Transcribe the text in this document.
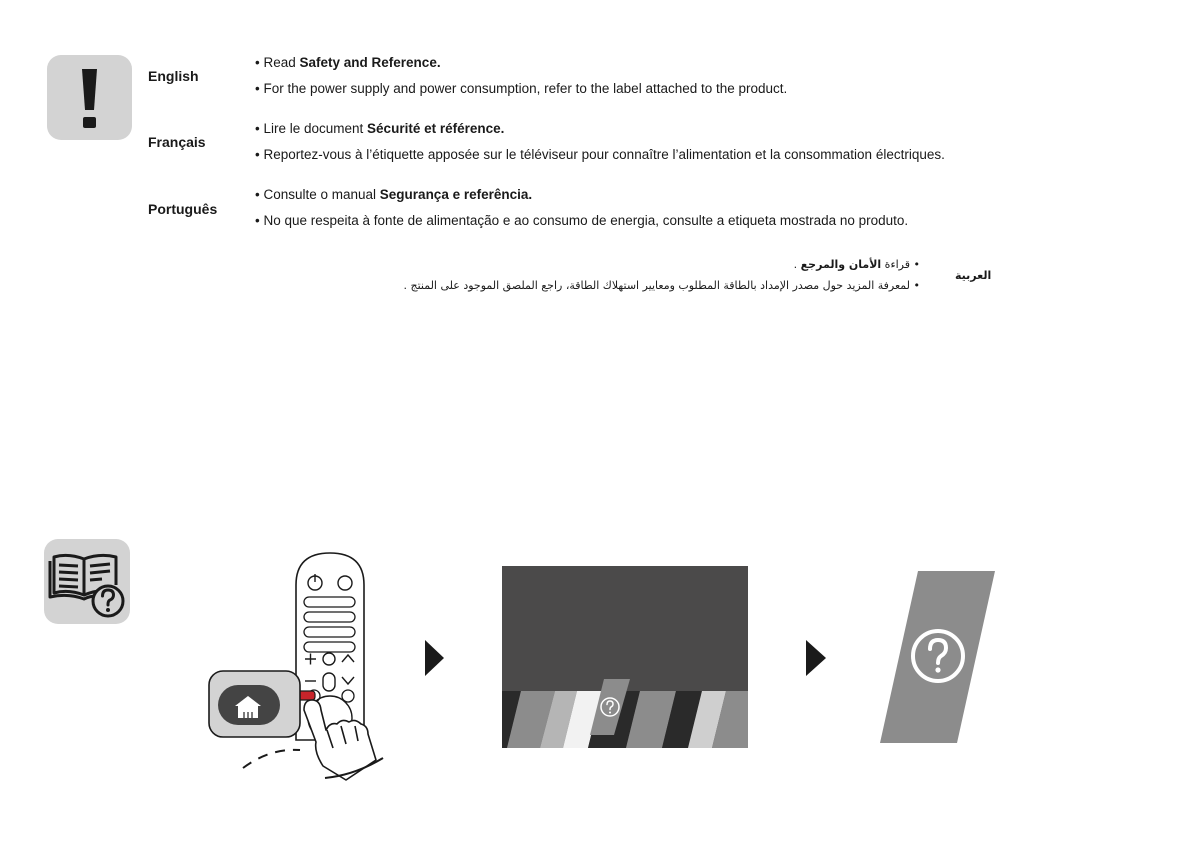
English
• Read Safety and Reference.
• For the power supply and power consumption, refer to the label attached to the product.
Français
• Lire le document Sécurité et référence.
• Reportez-vous à l’étiquette apposée sur le téléviseur pour connaître l’alimentation et la consommation électriques.
Português
• Consulte o manual Segurança e referência.
• No que respeita à fonte de alimentação e ao consumo de energia, consulte a etiqueta mostrada no produto.
العربية
• قراءة الأمان والمرجع .
• لمعرفة المزيد حول مصدر الإمداد بالطاقة المطلوب ومعايير استهلاك الطاقة، راجع الملصق الموجود على المنتج .
